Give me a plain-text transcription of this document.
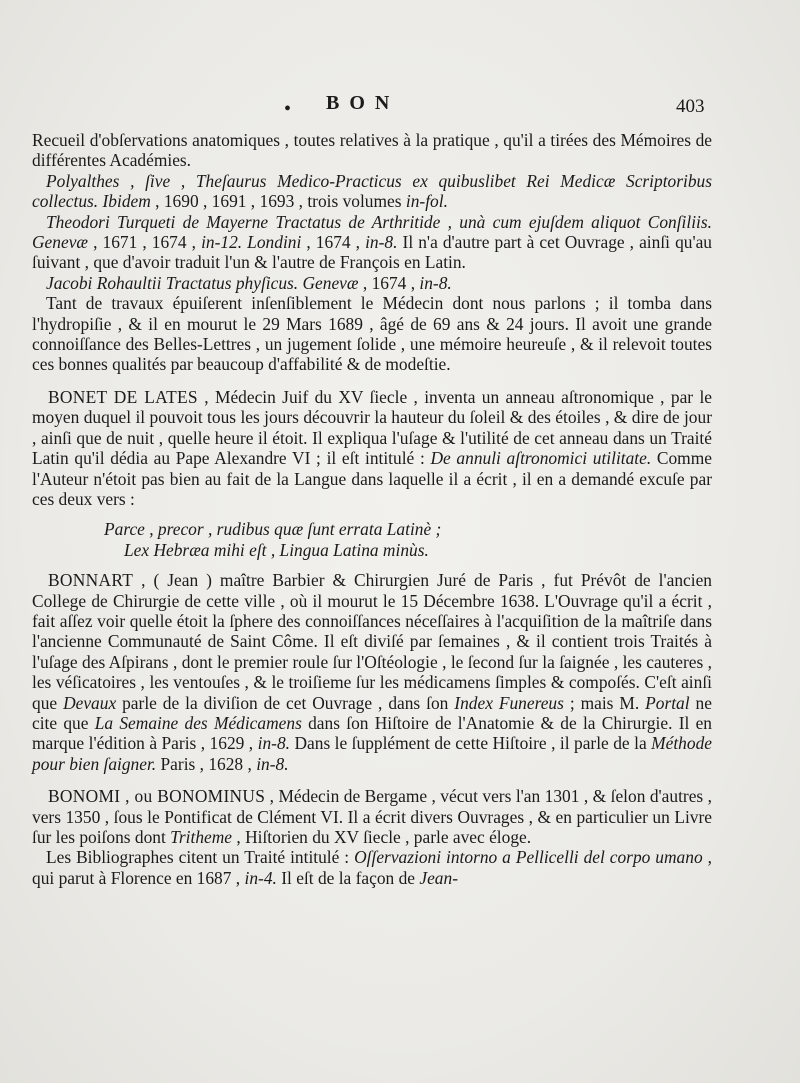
• BON	403

Recueil d'obſervations anatomiques , toutes relatives à la pratique , qu'il a tirées des Mémoires de différentes Académies.

Polyalthes , ſive , Theſaurus Medico-Practicus ex quibuslibet Rei Medicæ Scriptoribus collectus. Ibidem , 1690 , 1691 , 1693 , trois volumes in-fol.

Theodori Turqueti de Mayerne Tractatus de Arthritide , unà cum ejuſdem aliquot Conſiliis. Genevæ , 1671 , 1674 , in-12. Londini , 1674 , in-8. Il n'a d'autre part à cet Ouvrage , ainſi qu'au ſuivant , que d'avoir traduit l'un & l'autre de François en Latin.

Jacobi Rohaultii Tractatus phyſicus. Genevæ , 1674 , in-8.

Tant de travaux épuiſerent inſenſiblement le Médecin dont nous parlons ; il tomba dans l'hydropiſie , & il en mourut le 29 Mars 1689 , âgé de 69 ans & 24 jours. Il avoit une grande connoiſſance des Belles-Lettres , un jugement ſolide , une mémoire heureuſe , & il relevoit toutes ces bonnes qualités par beaucoup d'affabilité & de modeſtie.

BONET DE LATES , Médecin Juif du XV ſiecle , inventa un anneau aſtronomique , par le moyen duquel il pouvoit tous les jours découvrir la hauteur du ſoleil & des étoiles , & dire de jour , ainſi que de nuit , quelle heure il étoit. Il expliqua l'uſage & l'utilité de cet anneau dans un Traité Latin qu'il dédia au Pape Alexandre VI ; il eſt intitulé : De annuli aſtronomici utilitate. Comme l'Auteur n'étoit pas bien au fait de la Langue dans laquelle il a écrit , il en a demandé excuſe par ces deux vers :

Parce , precor , rudibus quæ ſunt errata Latinè ;

Lex Hebræa mihi eſt , Lingua Latina minùs.

BONNART , ( Jean ) maître Barbier & Chirurgien Juré de Paris , fut Prévôt de l'ancien College de Chirurgie de cette ville , où il mourut le 15 Décembre 1638. L'Ouvrage qu'il a écrit , fait aſſez voir quelle étoit la ſphere des connoiſſances néceſſaires à l'acquiſition de la maîtriſe dans l'ancienne Communauté de Saint Côme. Il eſt diviſé par ſemaines , & il contient trois Traités à l'uſage des Aſpirans , dont le premier roule ſur l'Oſtéologie , le ſecond ſur la ſaignée , les cauteres , les véſicatoires , les ventouſes , & le troiſieme ſur les médicamens ſimples & compoſés. C'eſt ainſi que Devaux parle de la diviſion de cet Ouvrage , dans ſon Index Funereus ; mais M. Portal ne cite que La Semaine des Médicamens dans ſon Hiſtoire de l'Anatomie & de la Chirurgie. Il en marque l'édition à Paris , 1629 , in-8. Dans le ſupplément de cette Hiſtoire , il parle de la Méthode pour bien ſaigner. Paris , 1628 , in-8.

BONOMI , ou BONOMINUS , Médecin de Bergame , vécut vers l'an 1301 , & ſelon d'autres , vers 1350 , ſous le Pontificat de Clément VI. Il a écrit divers Ouvrages , & en particulier un Livre ſur les poiſons dont Tritheme , Hiſtorien du XV ſiecle , parle avec éloge.

Les Bibliographes citent un Traité intitulé : Oſſervazioni intorno a Pellicelli del corpo umano , qui parut à Florence en 1687 , in-4. Il eſt de la façon de Jean-
